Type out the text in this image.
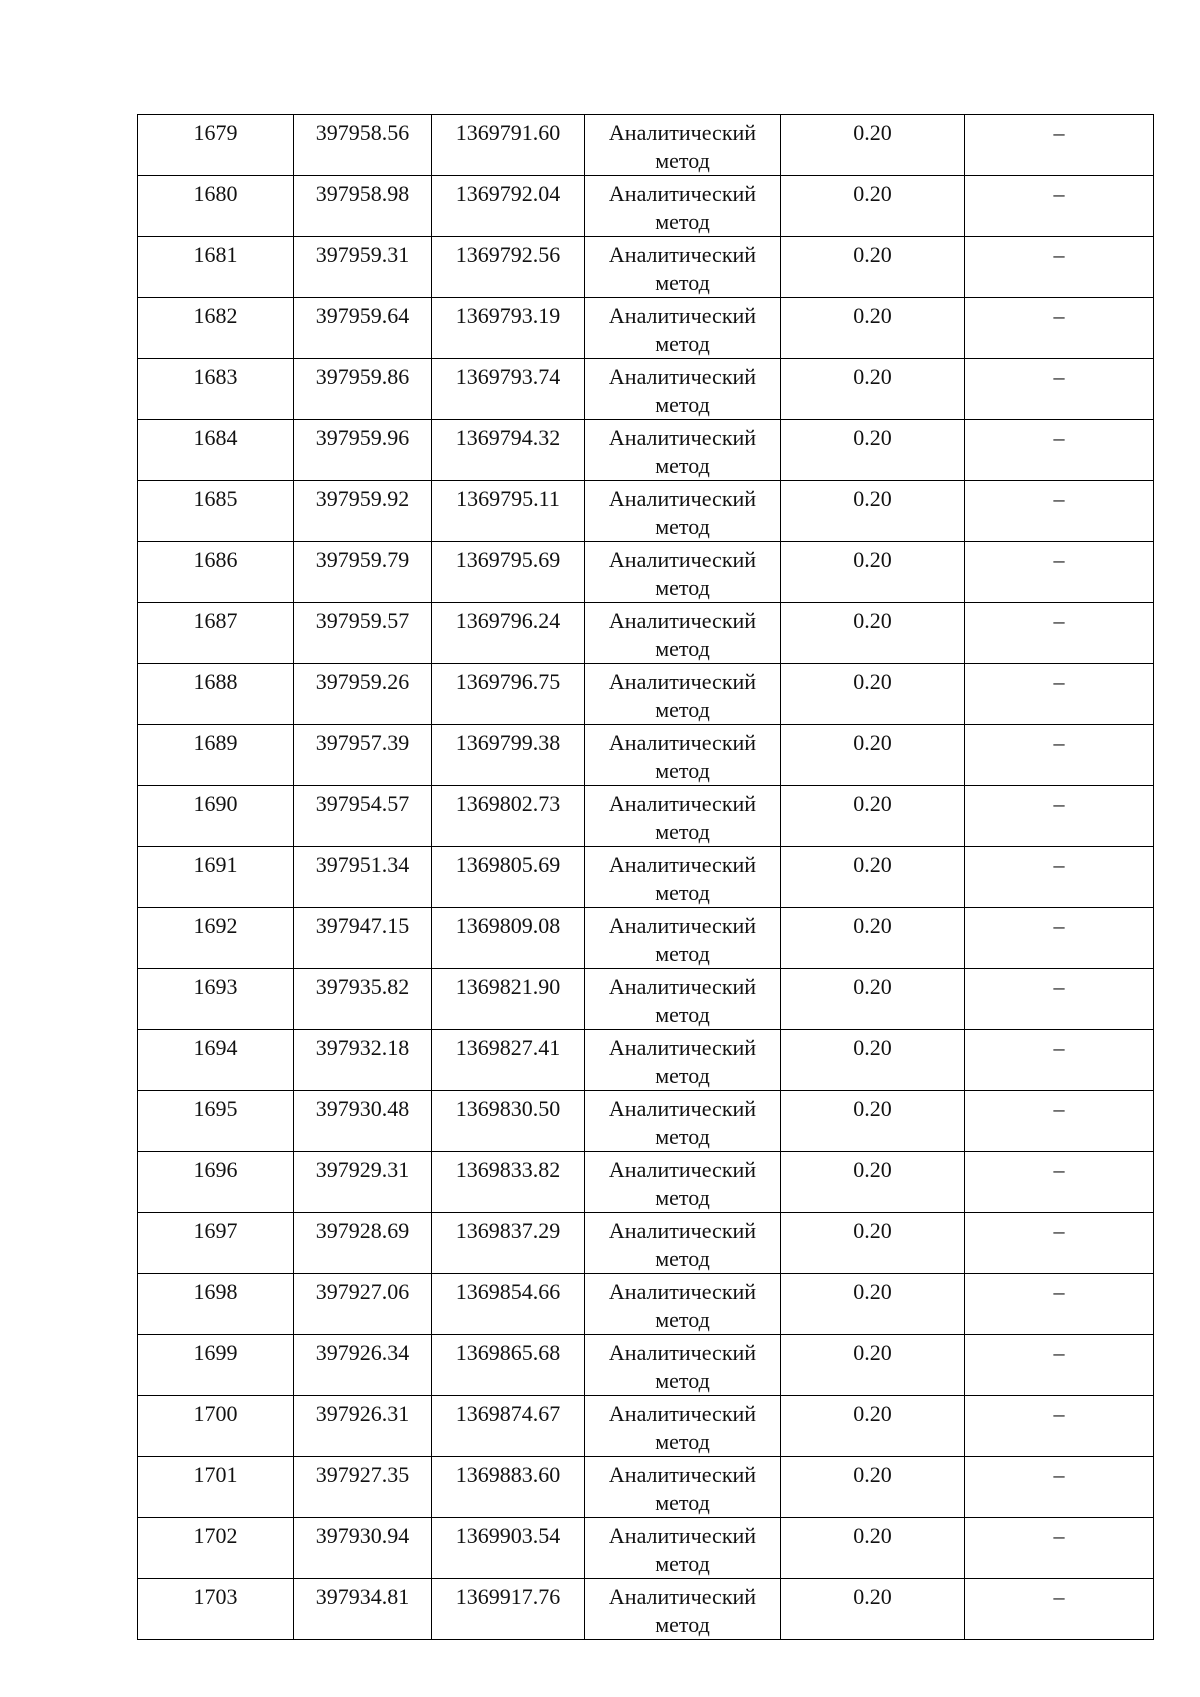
1679	397958.56	1369791.60	Аналитический метод	0.20	–
1680	397958.98	1369792.04	Аналитический метод	0.20	–
1681	397959.31	1369792.56	Аналитический метод	0.20	–
1682	397959.64	1369793.19	Аналитический метод	0.20	–
1683	397959.86	1369793.74	Аналитический метод	0.20	–
1684	397959.96	1369794.32	Аналитический метод	0.20	–
1685	397959.92	1369795.11	Аналитический метод	0.20	–
1686	397959.79	1369795.69	Аналитический метод	0.20	–
1687	397959.57	1369796.24	Аналитический метод	0.20	–
1688	397959.26	1369796.75	Аналитический метод	0.20	–
1689	397957.39	1369799.38	Аналитический метод	0.20	–
1690	397954.57	1369802.73	Аналитический метод	0.20	–
1691	397951.34	1369805.69	Аналитический метод	0.20	–
1692	397947.15	1369809.08	Аналитический метод	0.20	–
1693	397935.82	1369821.90	Аналитический метод	0.20	–
1694	397932.18	1369827.41	Аналитический метод	0.20	–
1695	397930.48	1369830.50	Аналитический метод	0.20	–
1696	397929.31	1369833.82	Аналитический метод	0.20	–
1697	397928.69	1369837.29	Аналитический метод	0.20	–
1698	397927.06	1369854.66	Аналитический метод	0.20	–
1699	397926.34	1369865.68	Аналитический метод	0.20	–
1700	397926.31	1369874.67	Аналитический метод	0.20	–
1701	397927.35	1369883.60	Аналитический метод	0.20	–
1702	397930.94	1369903.54	Аналитический метод	0.20	–
1703	397934.81	1369917.76	Аналитический метод	0.20	–
